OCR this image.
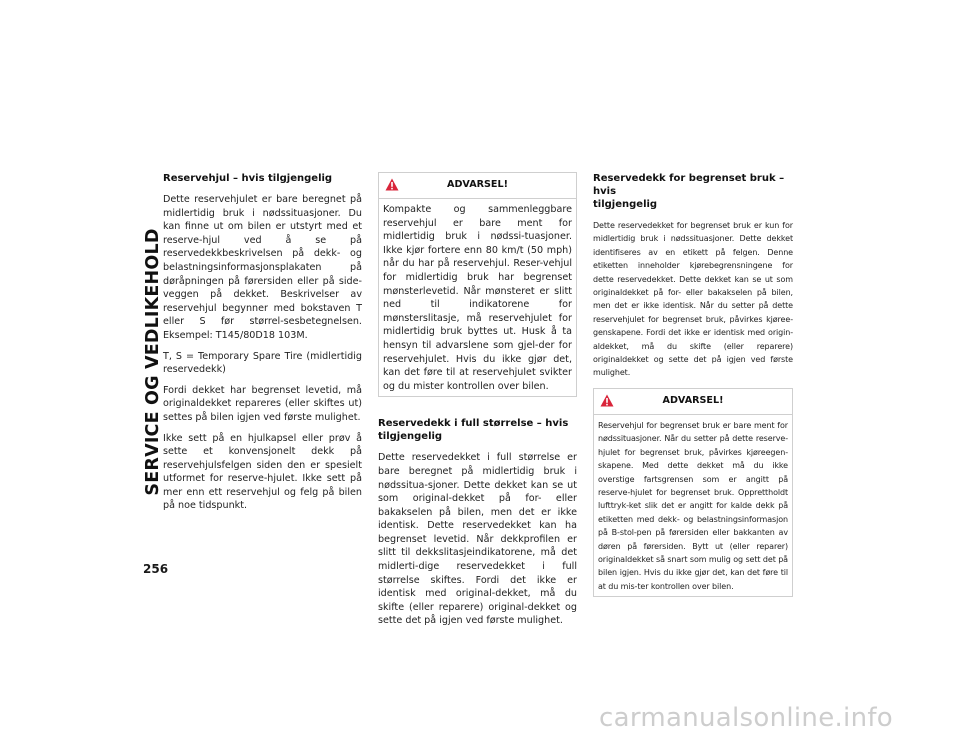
SERVICE OG VEDLIKEHOLD
256
Reservehjul – hvis tilgjengelig

Dette reservehjulet er bare beregnet på midlertidig bruk i nødssituasjoner. Du kan finne ut om bilen er utstyrt med et reserve-hjul ved å se på reservedekkbeskrivelsen på dekk- og belastningsinformasjonsplakaten på døråpningen på førersiden eller på side-veggen på dekket. Beskrivelser av reservehjul begynner med bokstaven T eller S før størrel-sesbetegnelsen. Eksempel: T145/80D18 103M.

T, S = Temporary Spare Tire (midlertidig reservedekk)

Fordi dekket har begrenset levetid, må originaldekket repareres (eller skiftes ut) settes på bilen igjen ved første mulighet.

Ikke sett på en hjulkapsel eller prøv å sette et konvensjonelt dekk på reservehjulsfelgen siden den er spesielt utformet for reserve-hjulet. Ikke sett på mer enn ett reservehjul og felg på bilen på noe tidspunkt.

ADVARSEL!

Kompakte og sammenleggbare reservehjul er bare ment for midlertidig bruk i nødssi-tuasjoner. Ikke kjør fortere enn 80 km/t (50 mph) når du har på reservehjul. Reser-vehjul for midlertidig bruk har begrenset mønsterlevetid. Når mønsteret er slitt ned til indikatorene for mønsterslitasje, må reservehjulet for midlertidig bruk byttes ut. Husk å ta hensyn til advarslene som gjel-der for reservehjulet. Hvis du ikke gjør det, kan det føre til at reservehjulet svikter og du mister kontrollen over bilen.

Reservedekk i full størrelse – hvis
tilgjengelig

Dette reservedekket i full størrelse er bare beregnet på midlertidig bruk i nødssitua-sjoner. Dette dekket kan se ut som original-dekket på for- eller bakakselen på bilen, men det er ikke identisk. Dette reservedekket kan ha begrenset levetid. Når dekkprofilen er slitt til dekkslitasjeindikatorene, må det midlerti-dige reservedekket i full størrelse skiftes. Fordi det ikke er identisk med original-dekket, må du skifte (eller reparere) original-dekket og sette det på igjen ved første mulighet.

Reservedekk for begrenset bruk – hvis
tilgjengelig

Dette reservedekket for begrenset bruk er kun for midlertidig bruk i nødssituasjoner. Dette dekket identifiseres av en etikett på felgen. Denne etiketten inneholder kjørebegrensningene for dette reservedekket. Dette dekket kan se ut som originaldekket på for- eller bakakselen på bilen, men det er ikke identisk. Når du setter på dette reservehjulet for begrenset bruk, påvirkes kjøree-genskapene. Fordi det ikke er identisk med origin-aldekket, må du skifte (eller reparere) originaldekket og sette det på igjen ved første mulighet.

ADVARSEL!

Reservehjul for begrenset bruk er bare ment for nødssituasjoner. Når du setter på dette reserve-hjulet for begrenset bruk, påvirkes kjøreegen-skapene. Med dette dekket må du ikke overstige fartsgrensen som er angitt på reserve-hjulet for begrenset bruk. Opprettholdt lufttryk-ket slik det er angitt for kalde dekk på etiketten med dekk- og belastningsinformasjon på B-stol-pen på førersiden eller bakkanten av døren på førersiden. Bytt ut (eller reparer) originaldekket så snart som mulig og sett det på bilen igjen. Hvis du ikke gjør det, kan det føre til at du mis-ter kontrollen over bilen.

carmanualsonline.info
